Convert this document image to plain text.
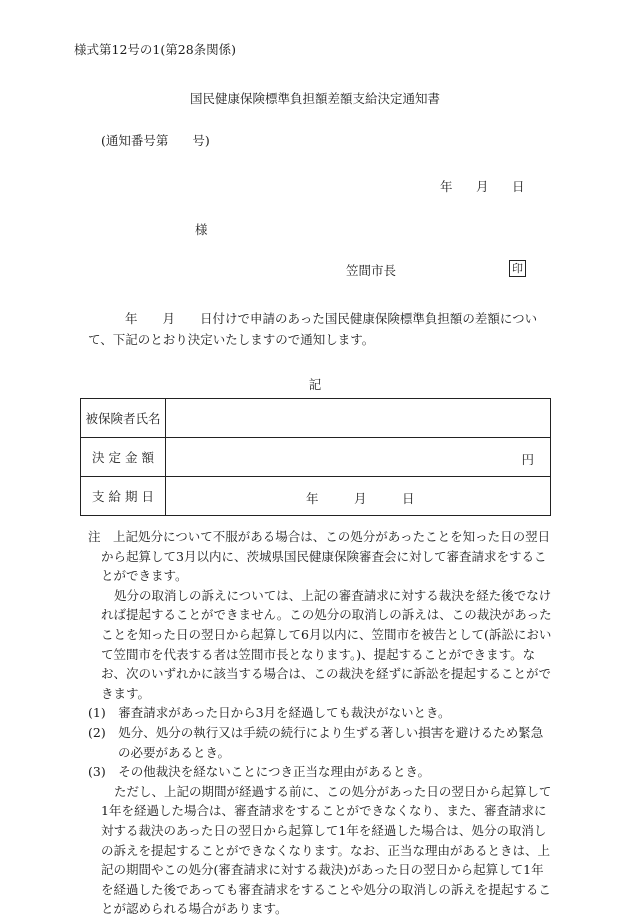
様式第12号の1(第28条関係)
国民健康保険標準負担額差額支給決定通知書
(通知番号第 号)
年 月 日
様
笠間市長	印
年　　月　　日付けで申請のあった国民健康保険標準負担額の差額について、下記のとおり決定いたしますので通知します。
記
被保険者氏名	
決 定 金 額	円

支 給 期 日	年 月 日

注　上記処分について不服がある場合は、この処分があったことを知った日の翌日から起算して3月以内に、茨城県国民健康保険審査会に対して審査請求をすることができます。

処分の取消しの訴えについては、上記の審査請求に対する裁決を経た後でなければ提起することができません。この処分の取消しの訴えは、この裁決があったことを知った日の翌日から起算して6月以内に、笠間市を被告として(訴訟において笠間市を代表する者は笠間市長となります。)、提起することができます。なお、次のいずれかに該当する場合は、この裁決を経ずに訴訟を提起することができます。

(1)　審査請求があった日から3月を経過しても裁決がないとき。

(2)　処分、処分の執行又は手続の続行により生ずる著しい損害を避けるため緊急の必要があるとき。

(3)　その他裁決を経ないことにつき正当な理由があるとき。

ただし、上記の期間が経過する前に、この処分があった日の翌日から起算して1年を経過した場合は、審査請求をすることができなくなり、また、審査請求に対する裁決のあった日の翌日から起算して1年を経過した場合は、処分の取消しの訴えを提起することができなくなります。なお、正当な理由があるときは、上記の期間やこの処分(審査請求に対する裁決)があった日の翌日から起算して1年を経過した後であっても審査請求をすることや処分の取消しの訴えを提起することが認められる場合があります。
